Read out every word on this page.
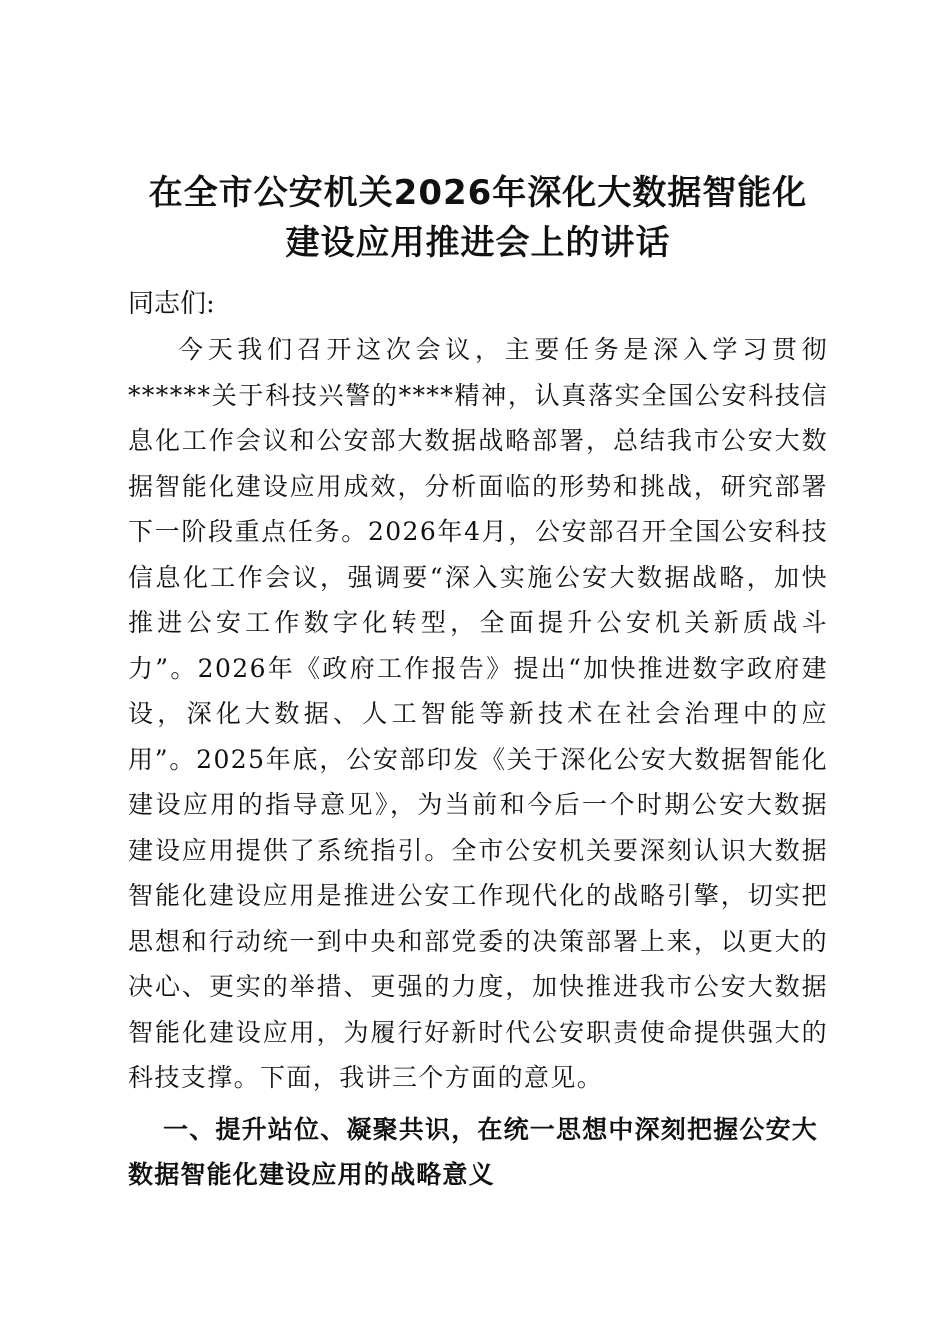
在全市公安机关2026年深化大数据智能化
建设应用推进会上的讲话

同志们:

今天我们召开这次会议，主要任务是深入学习贯彻******关于科技兴警的****精神，认真落实全国公安科技信息化工作会议和公安部大数据战略部署，总结我市公安大数据智能化建设应用成效，分析面临的形势和挑战，研究部署下一阶段重点任务。2026年4月，公安部召开全国公安科技信息化工作会议，强调要“深入实施公安大数据战略，加快推进公安工作数字化转型，全面提升公安机关新质战斗力”。2026年《政府工作报告》提出“加快推进数字政府建设，深化大数据、人工智能等新技术在社会治理中的应用”。2025年底，公安部印发《关于深化公安大数据智能化建设应用的指导意见》，为当前和今后一个时期公安大数据建设应用提供了系统指引。全市公安机关要深刻认识大数据智能化建设应用是推进公安工作现代化的战略引擎，切实把思想和行动统一到中央和部党委的决策部署上来，以更大的决心、更实的举措、更强的力度，加快推进我市公安大数据智能化建设应用，为履行好新时代公安职责使命提供强大的科技支撑。下面，我讲三个方面的意见。

一、提升站位、凝聚共识，在统一思想中深刻把握公安大数据智能化建设应用的战略意义
